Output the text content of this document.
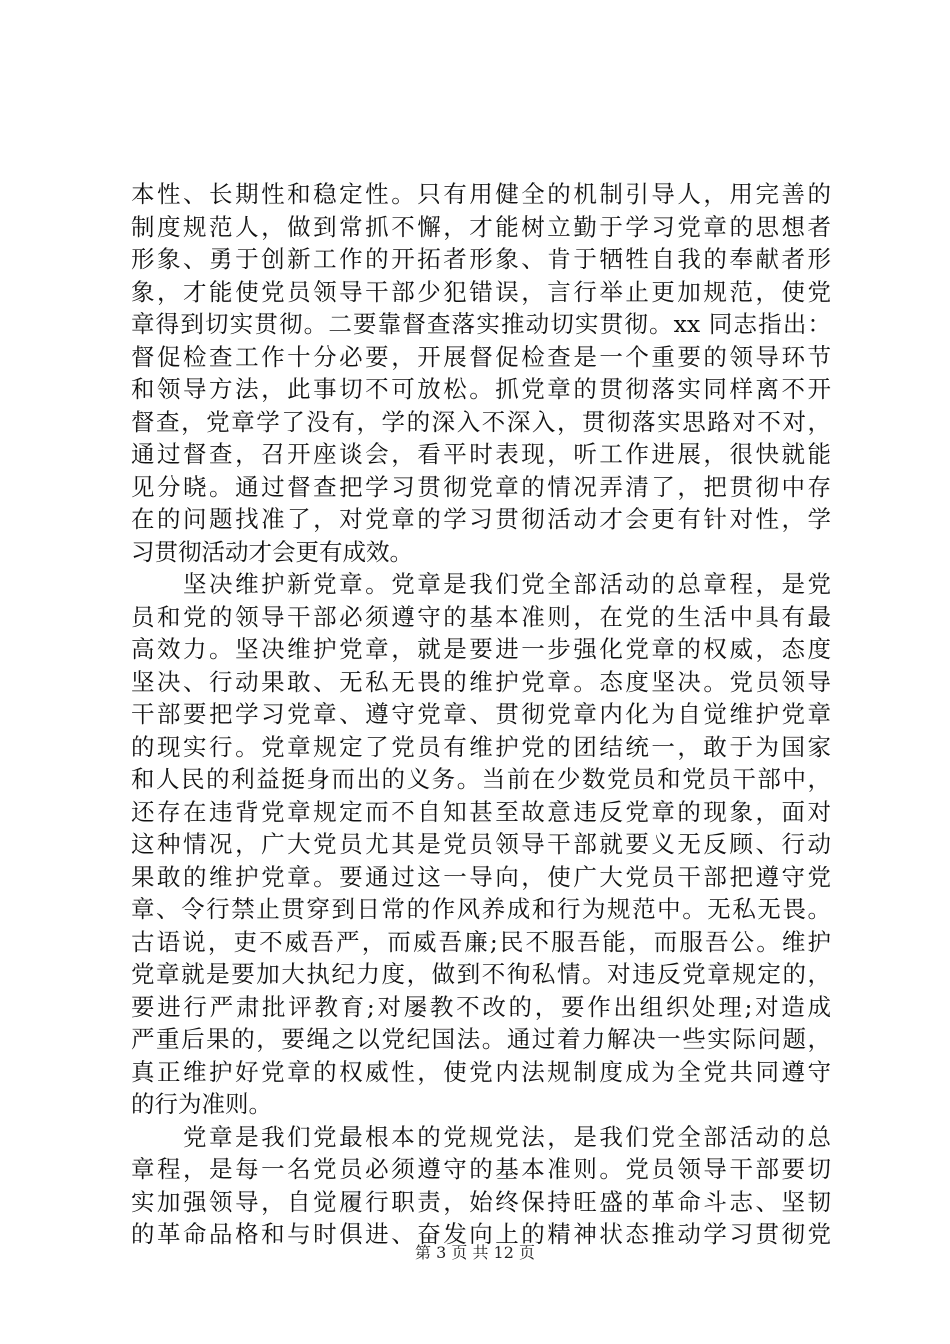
本性、长期性和稳定性。只有用健全的机制引导人，用完善的
制度规范人，做到常抓不懈，才能树立勤于学习党章的思想者
形象、勇于创新工作的开拓者形象、肯于牺牲自我的奉献者形
象，才能使党员领导干部少犯错误，言行举止更加规范，使党
章得到切实贯彻。二要靠督查落实推动切实贯彻。xx 同志指出：
督促检查工作十分必要，开展督促检查是一个重要的领导环节
和领导方法，此事切不可放松。抓党章的贯彻落实同样离不开
督查，党章学了没有，学的深入不深入，贯彻落实思路对不对，
通过督查，召开座谈会，看平时表现，听工作进展，很快就能
见分晓。通过督查把学习贯彻党章的情况弄清了，把贯彻中存
在的问题找准了，对党章的学习贯彻活动才会更有针对性，学
习贯彻活动才会更有成效。
　　坚决维护新党章。党章是我们党全部活动的总章程，是党
员和党的领导干部必须遵守的基本准则，在党的生活中具有最
高效力。坚决维护党章，就是要进一步强化党章的权威，态度
坚决、行动果敢、无私无畏的维护党章。态度坚决。党员领导
干部要把学习党章、遵守党章、贯彻党章内化为自觉维护党章
的现实行。党章规定了党员有维护党的团结统一，敢于为国家
和人民的利益挺身而出的义务。当前在少数党员和党员干部中，
还存在违背党章规定而不自知甚至故意违反党章的现象，面对
这种情况，广大党员尤其是党员领导干部就要义无反顾、行动
果敢的维护党章。要通过这一导向，使广大党员干部把遵守党
章、令行禁止贯穿到日常的作风养成和行为规范中。无私无畏。
古语说，吏不威吾严，而威吾廉;民不服吾能，而服吾公。维护
党章就是要加大执纪力度，做到不徇私情。对违反党章规定的，
要进行严肃批评教育;对屡教不改的，要作出组织处理;对造成
严重后果的，要绳之以党纪国法。通过着力解决一些实际问题，
真正维护好党章的权威性，使党内法规制度成为全党共同遵守
的行为准则。
　　党章是我们党最根本的党规党法，是我们党全部活动的总
章程，是每一名党员必须遵守的基本准则。党员领导干部要切
实加强领导，自觉履行职责，始终保持旺盛的革命斗志、坚韧
的革命品格和与时俱进、奋发向上的精神状态推动学习贯彻党
第 3 页 共 12 页
